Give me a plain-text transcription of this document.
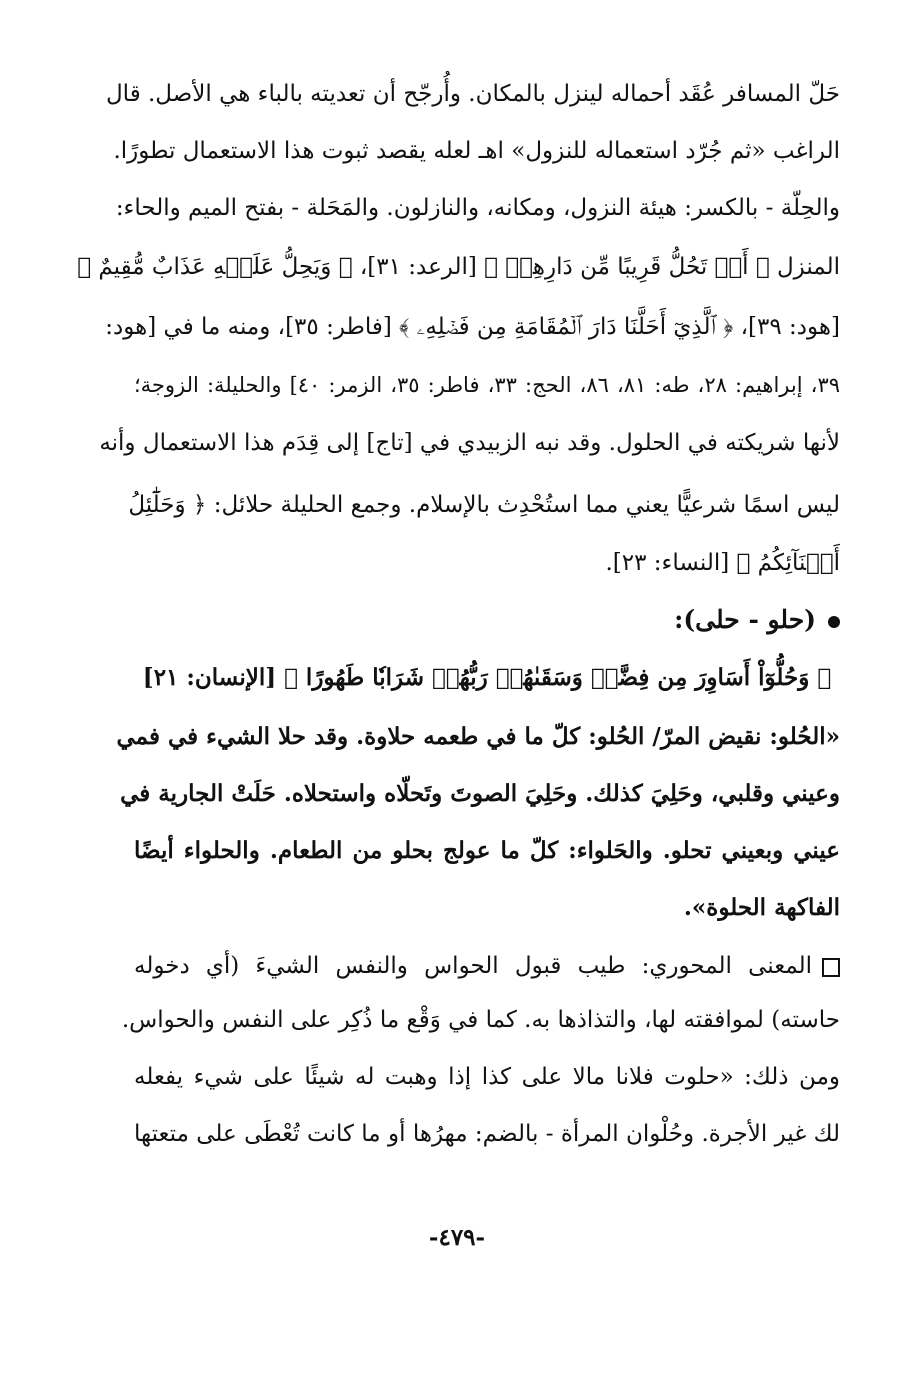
حَلّ المسافر عُقَد أحماله لينزل بالمكان. وأُرجّح أن تعديته بالباء هي الأصل. قال
الراغب «ثم جُرّد استعماله للنزول» اهـ لعله يقصد ثبوت هذا الاستعمال تطورًا.
والحِلّة - بالكسر: هيئة النزول، ومكانه، والنازلون. والمَحَلة - بفتح الميم والحاء:
المنزل ﴿ أَوۡ تَحُلُّ قَرِيبًا مِّن دَارِهِمۡ ﴾ [الرعد: ٣١]، ﴿ وَيَحِلُّ عَلَيۡهِ عَذَابٌ مُّقِيمٌ ﴾
[هود: ٣٩]، ﴿ ٱلَّذِيٓ أَحَلَّنَا دَارَ ٱلۡمُقَامَةِ مِن فَضۡلِهِۦ ﴾ [فاطر: ٣٥]، ومنه ما في [هود:
٣٩، إبراهيم: ٢٨، طه: ٨١، ٨٦، الحج: ٣٣، فاطر: ٣٥، الزمر: ٤٠] والحليلة: الزوجة؛
لأنها شريكته في الحلول. وقد نبه الزبيدي في [تاج] إلى قِدَم هذا الاستعمال وأنه
ليس اسمًا شرعيًّا يعني مما استُحْدِث بالإسلام. وجمع الحليلة حلائل: ﴿ وَحَلَٰٓئِلُ
أَبۡنَآئِكُمُ ﴾ [النساء: ٢٣].
(حلو - حلى):
﴿ وَحُلُّوٓاْ أَسَاوِرَ مِن فِضَّةٖ وَسَقَىٰهُمۡ رَبُّهُمۡ شَرَابٗا طَهُورًا ﴾ [الإنسان: ٢١]
«الحُلو: نقيض المرّ/ الحُلو: كلّ ما في طعمه حلاوة. وقد حلا الشيء في فمي
وعيني وقلبي، وحَلِيَ كذلك. وحَلِيَ الصوتَ وتَحلّاه واستحلاه. حَلَتْ الجارية في
عيني وبعيني تحلو. والحَلواء: كلّ ما عولج بحلو من الطعام. والحلواء أيضًا
الفاكهة الحلوة».
المعنى المحوري: طيب قبول الحواس والنفس الشيءَ (أي دخوله
حاسته) لموافقته لها، والتذاذها به. كما في وَقْع ما ذُكِر على النفس والحواس.
ومن ذلك: «حلوت فلانا مالا على كذا إذا وهبت له شيئًا على شيء يفعله
لك غير الأجرة. وحُلْوان المرأة - بالضم: مهرُها أو ما كانت تُعْطَى على متعتها
-٤٧٩-
